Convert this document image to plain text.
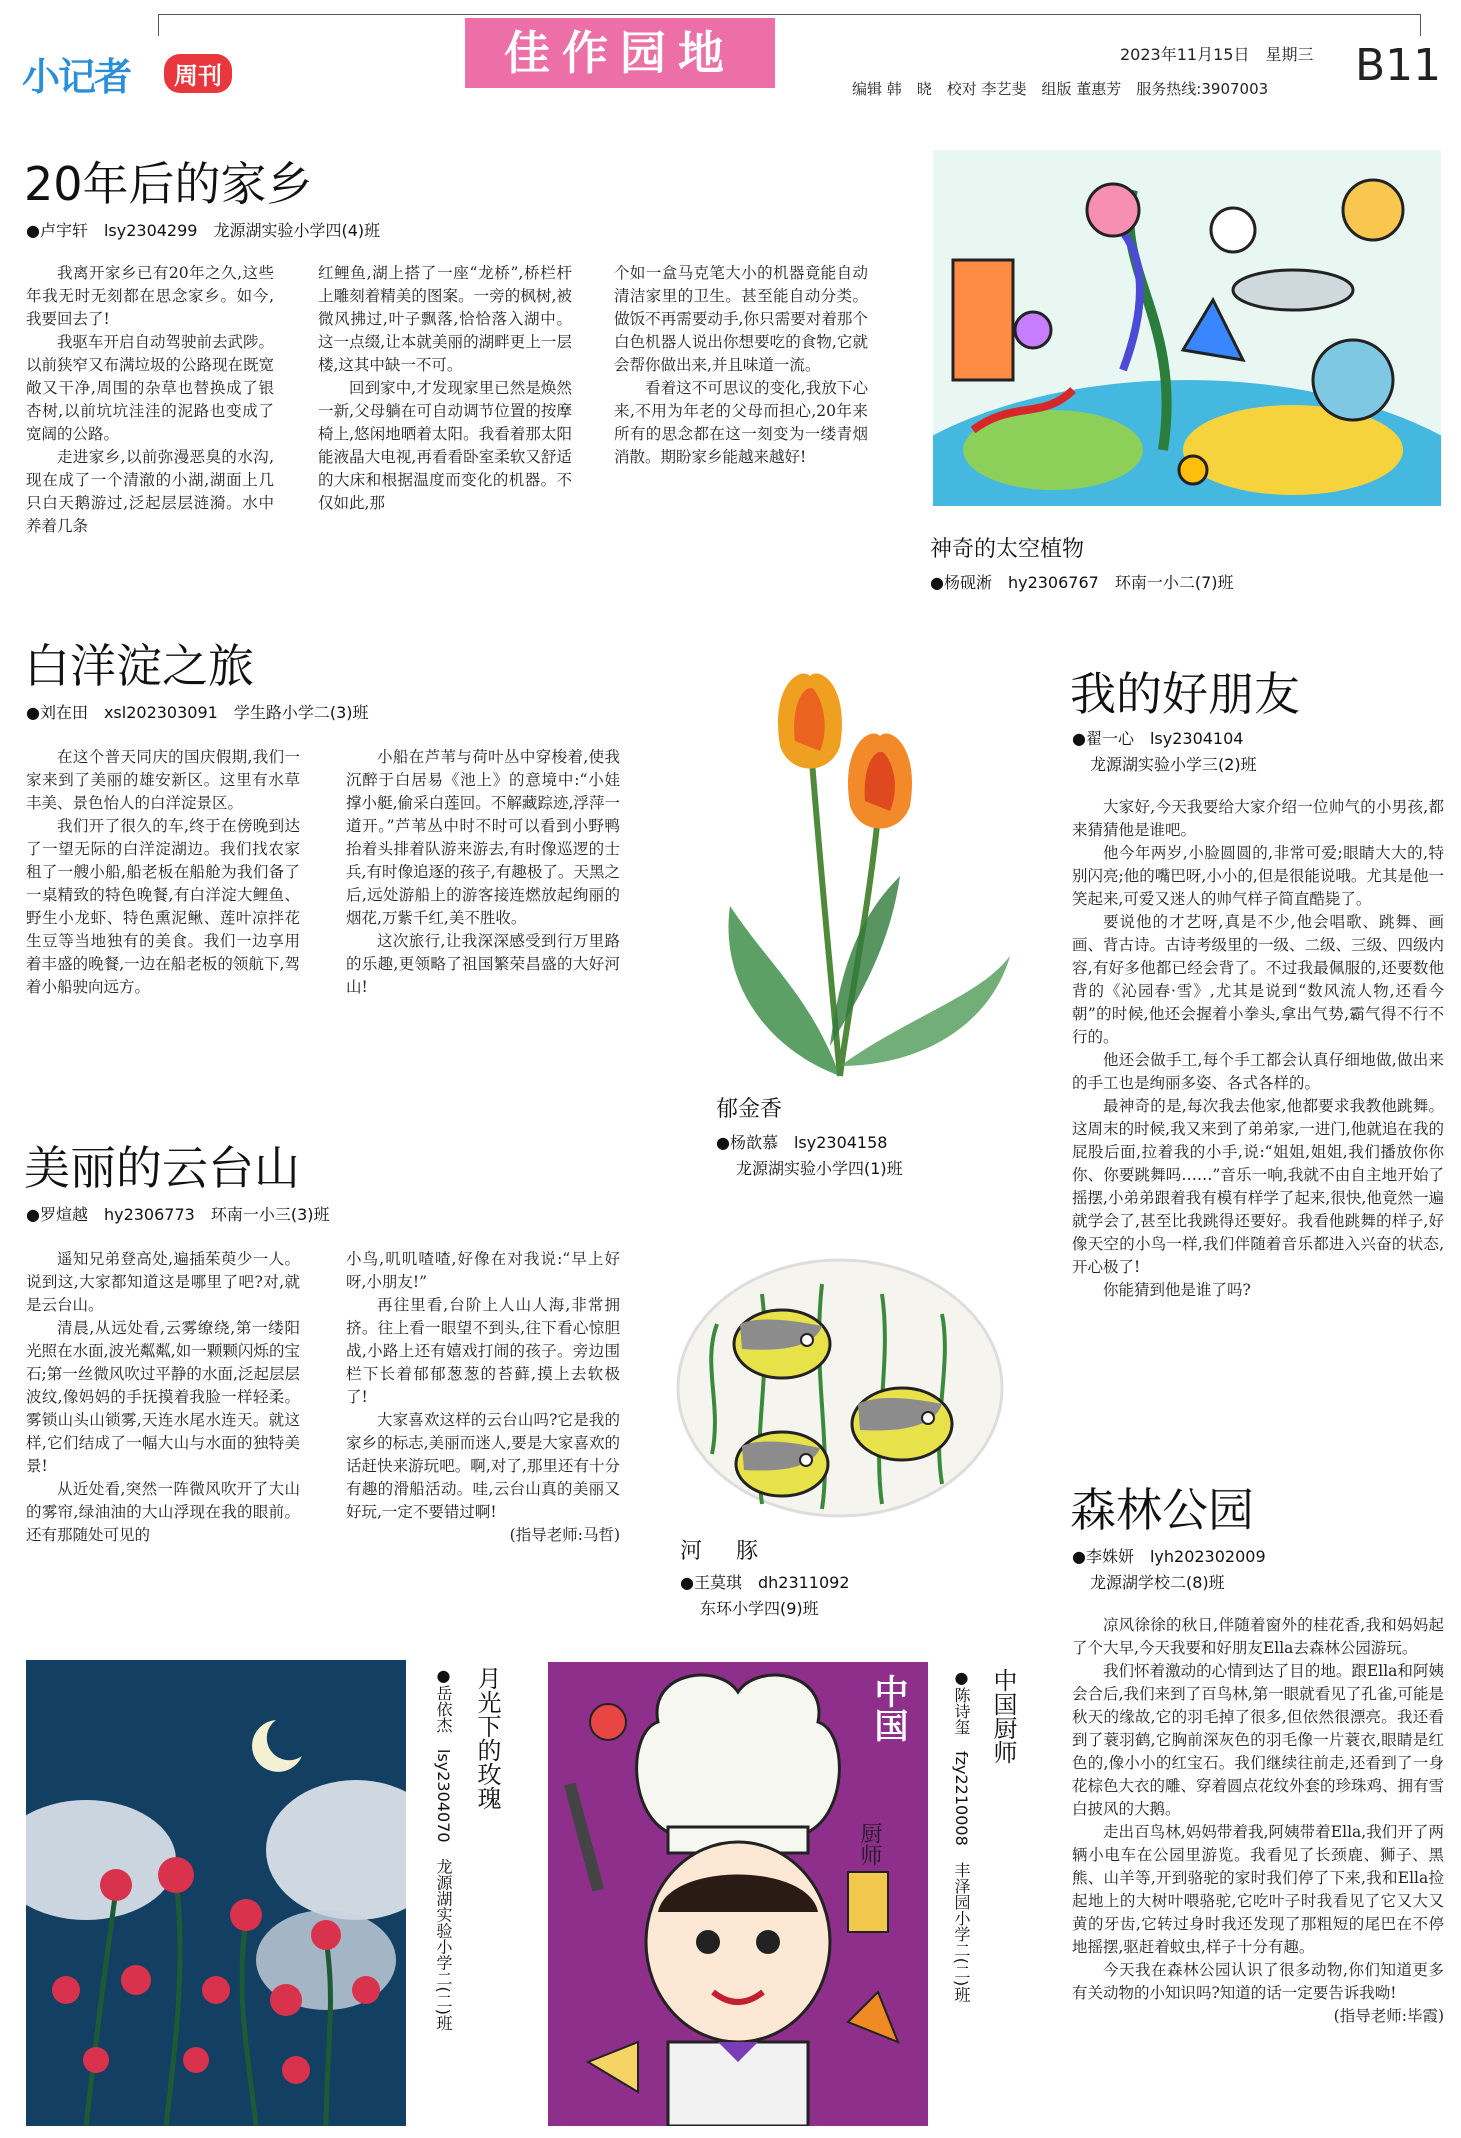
小记者	周刊	佳作园地	2023年11月15日　星期三 B11
编辑 韩　晓　校对 李艺斐　组版 董惠芳　服务热线:3907003
20年后的家乡
●卢宇轩　lsy2304299　龙源湖实验小学四(4)班

我离开家乡已有20年之久,这些年我无时无刻都在思念家乡。如今,我要回去了!

我驱车开启自动驾驶前去武陟。以前狭窄又布满垃圾的公路现在既宽敞又干净,周围的杂草也替换成了银杏树,以前坑坑洼洼的泥路也变成了宽阔的公路。

走进家乡,以前弥漫恶臭的水沟,现在成了一个清澈的小湖,湖面上几只白天鹅游过,泛起层层涟漪。水中养着几条

红鲤鱼,湖上搭了一座“龙桥”,桥栏杆上雕刻着精美的图案。一旁的枫树,被微风拂过,叶子飘落,恰恰落入湖中。这一点缀,让本就美丽的湖畔更上一层楼,这其中缺一不可。

回到家中,才发现家里已然是焕然一新,父母躺在可自动调节位置的按摩椅上,悠闲地晒着太阳。我看着那太阳能液晶大电视,再看看卧室柔软又舒适的大床和根据温度而变化的机器。不仅如此,那

个如一盒马克笔大小的机器竟能自动清洁家里的卫生。甚至能自动分类。做饭不再需要动手,你只需要对着那个白色机器人说出你想要吃的食物,它就会帮你做出来,并且味道一流。

看着这不可思议的变化,我放下心来,不用为年老的父母而担心,20年来所有的思念都在这一刻变为一缕青烟消散。期盼家乡能越来越好!

神奇的太空植物
●杨砚淅　hy2306767　环南一小二(7)班
白洋淀之旅
●刘在田　xsl202303091　学生路小学二(3)班

在这个普天同庆的国庆假期,我们一家来到了美丽的雄安新区。这里有水草丰美、景色怡人的白洋淀景区。

我们开了很久的车,终于在傍晚到达了一望无际的白洋淀湖边。我们找农家租了一艘小船,船老板在船舱为我们备了一桌精致的特色晚餐,有白洋淀大鲤鱼、野生小龙虾、特色熏泥鳅、莲叶凉拌花生豆等当地独有的美食。我们一边享用着丰盛的晚餐,一边在船老板的领航下,驾着小船驶向远方。

小船在芦苇与荷叶丛中穿梭着,使我沉醉于白居易《池上》的意境中:“小娃撑小艇,偷采白莲回。不解藏踪迹,浮萍一道开。”芦苇丛中时不时可以看到小野鸭抬着头排着队游来游去,有时像巡逻的士兵,有时像追逐的孩子,有趣极了。天黑之后,远处游船上的游客接连燃放起绚丽的烟花,万紫千红,美不胜收。

这次旅行,让我深深感受到行万里路的乐趣,更领略了祖国繁荣昌盛的大好河山!

郁金香
●杨歆慕　lsy2304158
龙源湖实验小学四(1)班
我的好朋友
●翟一心　lsy2304104
龙源湖实验小学三(2)班

大家好,今天我要给大家介绍一位帅气的小男孩,都来猜猜他是谁吧。

他今年两岁,小脸圆圆的,非常可爱;眼睛大大的,特别闪亮;他的嘴巴呀,小小的,但是很能说哦。尤其是他一笑起来,可爱又迷人的帅气样子简直酷毙了。

要说他的才艺呀,真是不少,他会唱歌、跳舞、画画、背古诗。古诗考级里的一级、二级、三级、四级内容,有好多他都已经会背了。不过我最佩服的,还要数他背的《沁园春·雪》,尤其是说到“数风流人物,还看今朝”的时候,他还会握着小拳头,拿出气势,霸气得不行不行的。

他还会做手工,每个手工都会认真仔细地做,做出来的手工也是绚丽多姿、各式各样的。

最神奇的是,每次我去他家,他都要求我教他跳舞。这周末的时候,我又来到了弟弟家,一进门,他就追在我的屁股后面,拉着我的小手,说:“姐姐,姐姐,我们播放你你你、你要跳舞吗……”音乐一响,我就不由自主地开始了摇摆,小弟弟跟着我有模有样学了起来,很快,他竟然一遍就学会了,甚至比我跳得还要好。我看他跳舞的样子,好像天空的小鸟一样,我们伴随着音乐都进入兴奋的状态,开心极了!

你能猜到他是谁了吗?

美丽的云台山
●罗煊越　hy2306773　环南一小三(3)班

遥知兄弟登高处,遍插茱萸少一人。说到这,大家都知道这是哪里了吧?对,就是云台山。

清晨,从远处看,云雾缭绕,第一缕阳光照在水面,波光粼粼,如一颗颗闪烁的宝石;第一丝微风吹过平静的水面,泛起层层波纹,像妈妈的手抚摸着我脸一样轻柔。雾锁山头山锁雾,天连水尾水连天。就这样,它们结成了一幅大山与水面的独特美景!

从近处看,突然一阵微风吹开了大山的雾帘,绿油油的大山浮现在我的眼前。还有那随处可见的

小鸟,叽叽喳喳,好像在对我说:“早上好呀,小朋友!”

再往里看,台阶上人山人海,非常拥挤。往上看一眼望不到头,往下看心惊胆战,小路上还有嬉戏打闹的孩子。旁边围栏下长着郁郁葱葱的苔藓,摸上去软极了!

大家喜欢这样的云台山吗?它是我的家乡的标志,美丽而迷人,要是大家喜欢的话赶快来游玩吧。啊,对了,那里还有十分有趣的滑船活动。哇,云台山真的美丽又好玩,一定不要错过啊!

(指导老师:马哲)
河　豚
●王莫琪　dh2311092
东环小学四(9)班
森林公园
●李姝妍　lyh202302009
龙源湖学校二(8)班

凉风徐徐的秋日,伴随着窗外的桂花香,我和妈妈起了个大早,今天我要和好朋友Ella去森林公园游玩。

我们怀着激动的心情到达了目的地。跟Ella和阿姨会合后,我们来到了百鸟林,第一眼就看见了孔雀,可能是秋天的缘故,它的羽毛掉了很多,但依然很漂亮。我还看到了蓑羽鹤,它胸前深灰色的羽毛像一片蓑衣,眼睛是红色的,像小小的红宝石。我们继续往前走,还看到了一身花棕色大衣的雕、穿着圆点花纹外套的珍珠鸡、拥有雪白披风的大鹅。

走出百鸟林,妈妈带着我,阿姨带着Ella,我们开了两辆小电车在公园里游览。我看见了长颈鹿、狮子、黑熊、山羊等,开到骆驼的家时我们停了下来,我和Ella捡起地上的大树叶喂骆驼,它吃叶子时我看见了它又大又黄的牙齿,它转过身时我还发现了那粗短的尾巴在不停地摇摆,驱赶着蚊虫,样子十分有趣。

今天我在森林公园认识了很多动物,你们知道更多有关动物的小知识吗?知道的话一定要告诉我呦!

(指导老师:毕霞)
月光下的玫瑰
●岳依杰　lsy2304070　龙源湖实验小学二(二)班	中国
厨师
中国厨师
●陈诗玺　fzy2210008　丰泽园小学二(二)班
